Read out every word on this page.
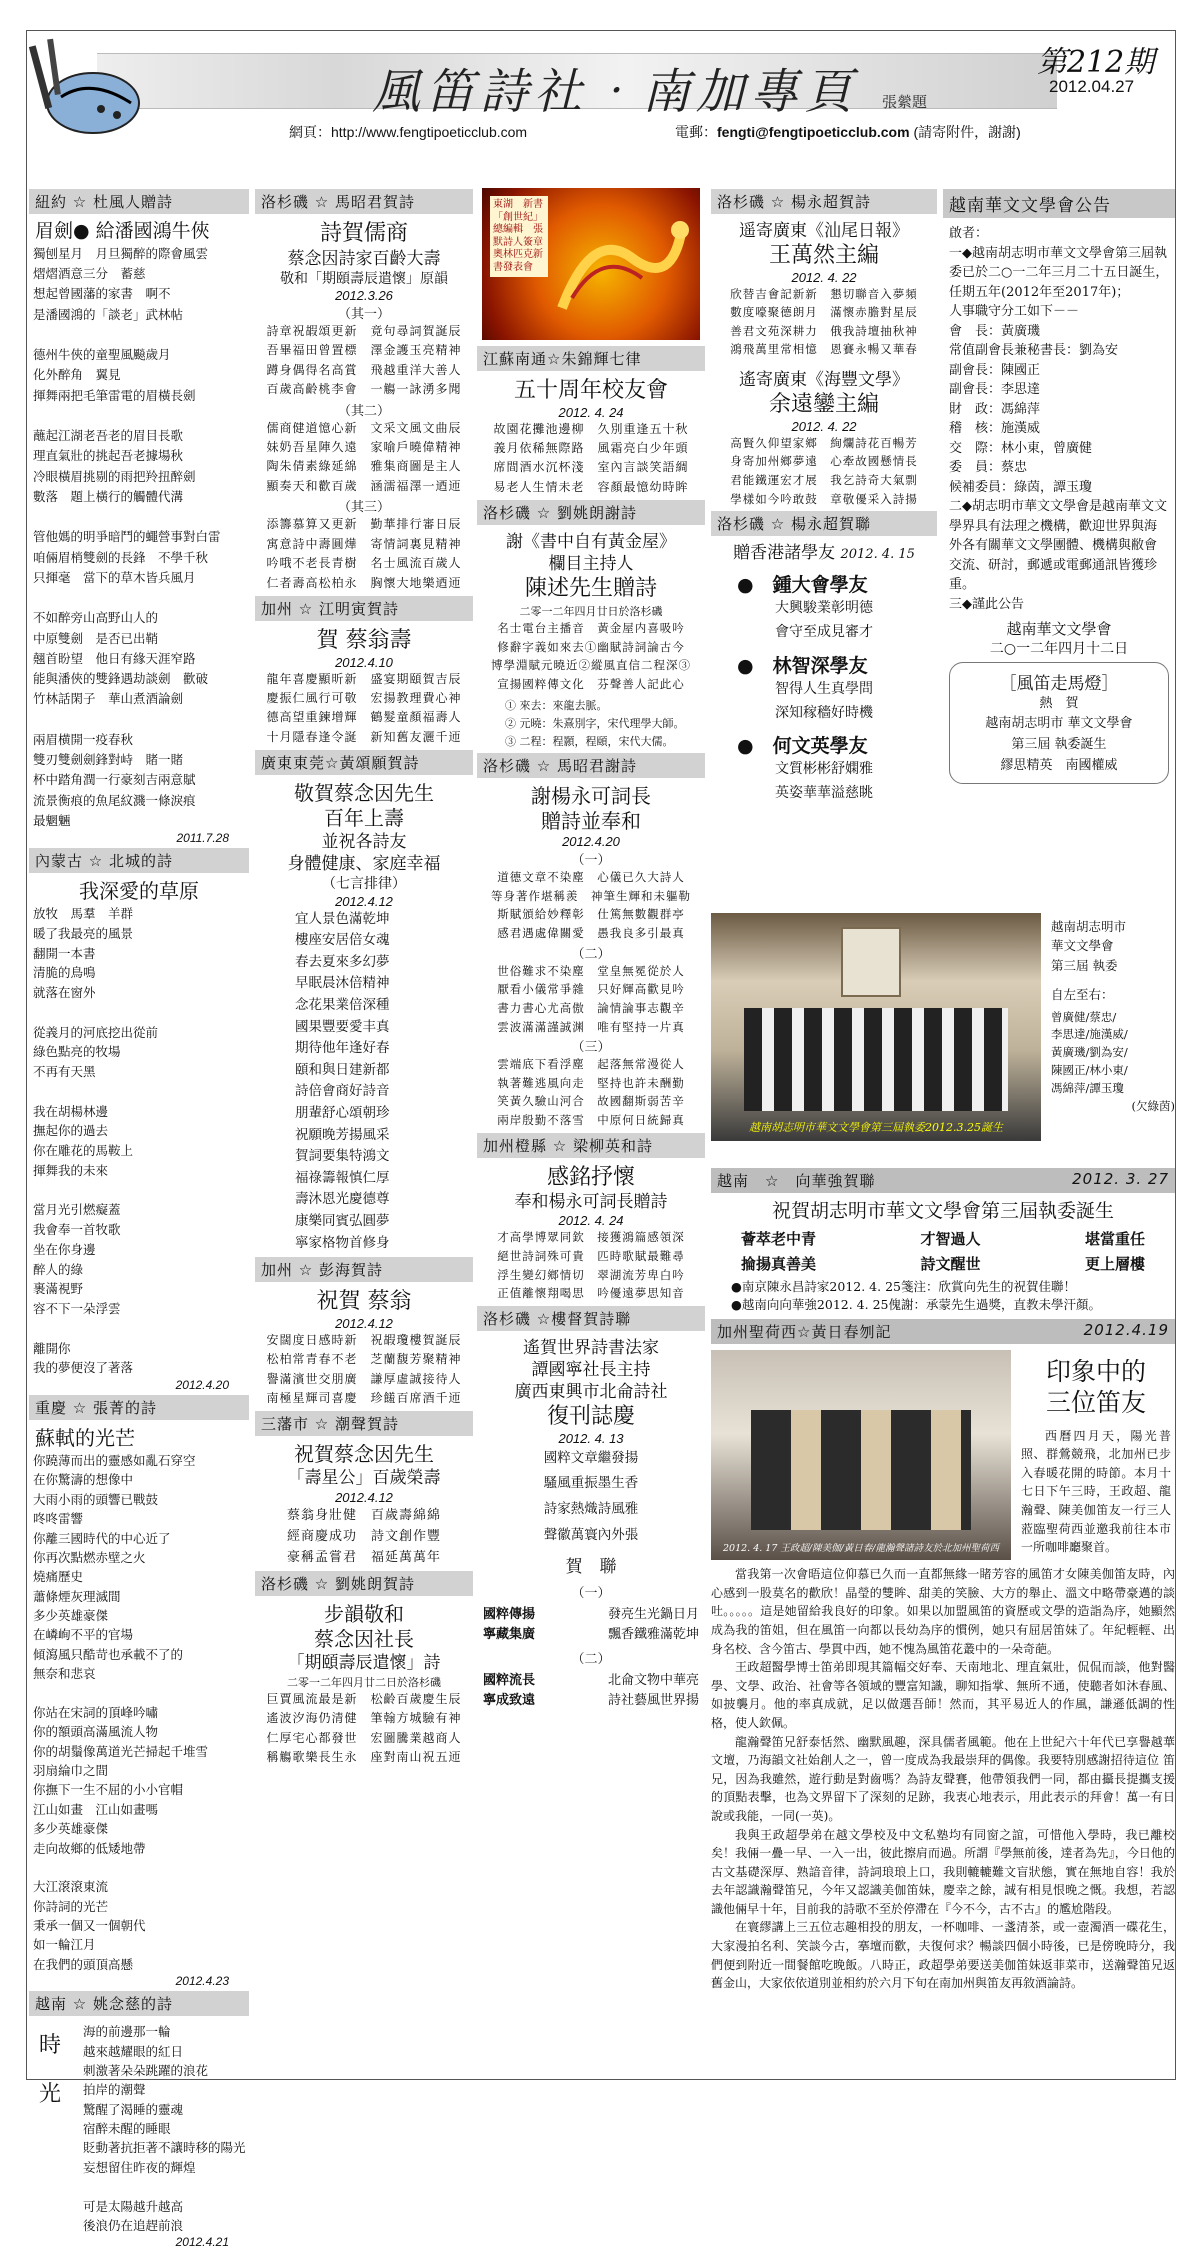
風笛詩社‧南加專頁 張縈題
第212期
2012.04.27
網頁：http://www.fengtipoeticclub.com	電郵：fengti@fengtipoeticclub.com (請寄附件，謝謝)
紐約 ☆ 杜風人贈詩
眉劍● 給潘國鴻牛俠
獨刨星月　月旦獨醉的際會風雲
熠熠酒意三分　蓄慈
想起曾國藩的家書　啊不
是潘國鴻的「談老」武林帖

德州牛俠的童聖風飈歲月
化外醉角　翼見
揮舞兩把毛筆雷電的眉橫長劍

蘸起江湖老吾老的眉目長歌
理直氣壯的挑起吾老據場秋
冷眼橫眉挑剔的雨把羚扭醉劍
數落　題上橫行的觸體代溝

管他媽的明爭暗鬥的蠅營事對白雷
咱倆眉梢雙劍的長鋒　不學千秋
只揮毫　當下的草木皆兵風月

不如醉旁山高野山人的
中原雙劍　是否已出鞘
翹首盼望　他日有緣天涯窄路
能與潘俠的雙鋒遇劫談劍　歡破
竹林話閑子　華山煮酒論劍

兩眉横開一疫春秋
雙刃雙劍劍鋒對峙　賭一賭
杯中踏角潤一行豪刻吉兩意賦
流景衡痕的魚尾紋濺一條淚痕
最魍魎
2011.7.28
內蒙古 ☆ 北城的詩
我深愛的草原
放牧　馬羣　羊群
暖了我最亮的風景
翻開一本書
清脆的鳥鳴
就落在窗外

從義月的河底挖出從前
綠色點亮的牧場
不再有天黑

我在胡楊林邊
撫起你的過去
你在雕花的馬鞍上
揮舞我的未來

當月光引燃癡蓋
我會奉一首牧歌
坐在你身邊
醉人的綠
裹滿視野
容不下一朵浮雲

離開你
我的夢便沒了著落
2012.4.20
重慶 ☆ 張菁的詩
蘇軾的光芒
你蹺薄而出的靈感如亂石穿空
在你驚濤的想像中
大雨小雨的頭響已戰鼓
咚咚雷響
你離三國時代的中心近了
你再次點燃赤壁之火
燒痛歷史
蕭條煙灰理滅間
多少英雄豪傑
在嶙峋不平的官場
傾瀉風只酷苛也承載不了的
無奈和悲哀

你站在宋詞的頂峰吟嘯
你的額頭高滿風流人物
你的胡鬚像萬道光芒掃起千堆雪
羽扇綸巾之間
你撫下一生不屈的小小官帽
江山如畫　江山如畫嗎
多少英雄豪傑
走向故鄉的低矮地帶

大江滾滾東流
你詩詞的光芒
秉承一個又一個朝代
如一輪江月
在我們的頭頂高懸
2012.4.23
越南 ☆ 姚念慈的詩
時
光
海的前邊那一輪
越來越耀眼的紅日
刺激著朵朵跳躍的浪花
拍岸的潮聲
驚醒了渴睡的靈魂
宿醉未醒的睡眼
貶動著抗拒著不讓時移的陽光
妄想留住昨夜的輝煌

可是太陽越升越高
後浪仍在追趕前浪
2012.4.21
洛杉磯 ☆ 馬昭君賀詩
詩賀儒商
蔡念因詩家百齡大壽
敬和「期頤壽辰遣懷」原韻
2012.3.26
（其一）
詩章祝嘏頌更新　竟句尋詞賀誕辰
吾畢福田曾置標　澤金護玉亮精神
蹲身偶得名高賞　飛越重洋大善人
百歲高齡桃李會　一觴一詠湧多聞
（其二）
儒商健道憶心新　文采文風文曲辰
妹奶吾星陣久遠　家喻戶曉偉精神
陶朱倩素綠延綿　雅集商圖是主人
顯奏天和歡百歲　涵濡福澤一迺迊
（其三）
添籌慕算又更新　勤華排行審日辰
寓意詩中壽圓燁　寄情詞裏見精神
吟哦不老長青樹　名士風流百歲人
仁者壽高松柏永　胸懷大地樂迺迊
加州 ☆ 江明寅賀詩
賀 蔡翁壽
2012.4.10
龍年喜慶顯昕新　盛宴期頤賀吉辰
慶振仁風行可敬　宏揚教理費心神
德高望重鍊增輝　鶴髮童顏福壽人
十月隱春逢令誕　新知舊友灑千迊
廣東東莞☆黃頌願賀詩
敬賀蔡念因先生
百年上壽
並祝各詩友
身體健康、家庭幸福
（七言排律）
2012.4.12
宜人景色滿乾坤
樓座安居倍女魂
春去夏來多幻夢
早眠晨沐倍精神
念花果業倍深種
國果豐要愛丰真
期待他年逢好春
頤和與日建新都
詩倍會商好詩音
朋輩舒心頌朝珍
祝願晚芳揚風采
賀詞要集特鴻文
福祿籌報慎仁厚
壽沐恩光慶德尊
康樂同賓弘圓夢
寧家格物首修身
加州 ☆ 彭海賀詩
祝賀 蔡翁
2012.4.12
安闊度日感時新　祝嘏瓊樓賀誕辰
松柏常青春不老　芝蘭馥芳聚精神
譽滿濱世交朋廣　謙厚虛誠接待人
南極星輝司喜慶　珍饈百席酒千迊
三藩市 ☆ 潮聲賀詩
祝賀蔡念因先生
「壽星公」百歲榮壽
2012.4.12
蔡翁身壯健　百歲壽綿綿
經商慶成功　詩文創作豐
豪稱孟嘗君　福延萬萬年
洛杉磯 ☆ 劉姚朗賀詩
步韻敬和
蔡念因社長
「期頤壽辰遣懷」詩
二零一二年四月廿二日於洛杉磯
巨賈風流最是新　松齡百歲慶生辰
遙波汐海仍清健　筆翰方城驗有神
仁厚宅心都發世　宏圖騰業越商人
稱觴歌樂長生永　座對南山祝五迊
東湖　新書「創世紀」總編輯　張默詩人簽章　奧林匹克新書發表會
江蘇南通☆朱錦輝七律
五十周年校友會
2012. 4. 24
故園花攤池邊柳　久別重逢五十秋
義月依稀無際路　風霜亮白少年頭
席間酒水沉杯淺　室內言談笑語綢
易老人生情未老　容顏最憶幼時眸
洛杉磯 ☆ 劉姚朗謝詩
謝《書中自有黃金屋》
欄目主持人
陳述先生贈詩
二零一二年四月廿日於洛杉磯
名士電台主播音　黃金屋内喜吸吟
修辭字義如來去①幽賦詩詞論古今
博學淵賦元曉近②縱風直信二程深③
宣揚國粹傳文化　芬聲善人記此心
① 來去：來龍去脈。
② 元曉：朱熹別字，宋代理學大師。
③ 二程：程顥，程頤，宋代大儒。
洛杉磯 ☆ 馬昭君謝詩
謝楊永可詞長
贈詩並奉和
2012.4.20
（一）
道德文章不染塵　心儀已久大詩人
等身著作堪稱羨　神筆生輝和未軀勒
斯賦頒給妙釋彰　仕篤無數觀群亭
感君遇處偉關愛　愚我良多引最真
（二）
世俗難求不染塵　堂皇無冕從於人
厭看小儀常爭雜　只好輝高歡見吟
書力書心尤高傲　論情論事志觀辛
雲波滿滿謹誠渊　唯有堅持一片真
（三）
雲端底下看浮塵　起落無常漫從人
執著難逃風向走　堅持也許未酬勤
笑黃久驗山河合　故國翻斯弱苦辛
兩岸殷勤不落雪　中原何日統歸真
加州橙縣 ☆ 梁柳英和詩
感銘抒懷
奉和楊永可詞長贈詩
2012. 4. 24
才高學博眾同欽　接獲鴻篇感領深
絕世詩詞殊可貴　匹時歌賦最難尋
浮生變幻鄉情切　翠湖流芳卑白吟
正值離懷翔喝思　吟優遠夢思知音
洛杉磯 ☆樓督賀詩聯
遙賀世界詩書法家
譚國寧社長主持
廣西東興市北侖詩社
復刊誌慶
2012. 4. 13
國粹文章繼發揚
騷風重振墨生香
詩家熱熾詩風雅
聲徽萬寰內外張
賀　聯
（一）
國粹傳揚	發亮生光鍋日月
寧藏集廣	飄香鐵雅滿乾坤
（二）
國粹流長	北侖文物中華亮
寧成致遠	詩社藝風世界揚
洛杉磯 ☆ 楊永超賀詩
遥寄廣東《汕尾日報》
王萬然主編
2012. 4. 22
欣替吉會記新新　懇切聯音入夢頻
數度嚎聚德朗月　滿懷赤膽對星辰
善君文苑深耕力　俄我詩壇抽秋神
鴻飛萬里常相憶　恩賽永暢又華春
遙寄廣東《海豐文學》
余遠鑾主編
2012. 4. 22
高賢久仰望家鄉　絢爛詩花百暢芳
身寄加州鄉夢遠　心牽故國懸情長
君能鐵運宏才展　我乞詩奇大氣剽
學樣如今吟敢鼓　章敬優采入詩揚
洛杉磯 ☆ 楊永超賀聯
贈香港諸學友 2012. 4. 15
●　鍾大會學友
大興駿業彰明德
會守至成見審才
●　林智深學友
智得人生真學問
深知稼穡好時機
●　何文英學友
文質彬彬舒嫻雅
英姿華華溢慈眺
越南華文文學會公告
啟者：
一◆越南胡志明市華文文學會第三屆執委已於二○一二年三月二十五日誕生，任期五年(2012年至2017年)；
人事職守分工如下－－
會　長：黃廣璣
常值副會長兼秘書長：劉為安
副會長：陳國正
副會長：李思達
財　政：馮綿萍
稽　核：施漢威
交　際：林小東，曾廣健
委　員：蔡忠
候補委員：綠茵，譚玉瓊
二◆胡志明市華文文學會是越南華文文學界具有法理之機構，歡迎世界與海外各有關華文文學團體、機構與敝會交流、研討，郵遞或電郵通訊皆獲珍重。
三◆謹此公告
越南華文文學會
二○一二年四月十二日
［風笛走馬燈］
熱　賀
越南胡志明市 華文文學會
第三屆 執委誕生
繆思精英　南國權威
越南胡志明市華文文學會第三屆執委2012.3.25誕生
越南胡志明市
華文文學會
第三屆 執委
自左至右：
曾廣健/蔡忠/
李思達/施漢威/
黃廣璣/劉為安/
陳國正/林小東/
馮綿萍/譚玉瓊
(欠綠茵)
越南　☆　向華強賀聯	2012. 3. 27
祝賀胡志明市華文文學會第三屆執委誕生
薈萃老中青	才智過人	堪當重任
掄揚真善美	詩文醒世	更上層樓
●南京陳永昌詩家2012. 4. 25箋注：欣賞向先生的祝賀佳聯！
●越南向向華強2012. 4. 25傀謝：承蒙先生過獎，直教未學汗顏。
加州聖荷西☆黃日春刎記	2012.4.19
2012. 4. 17 王政超/陳美伽/黃日春/龍瀚聲諸詩友於北加州聖荷西
印象中的
三位笛友
西曆四月天，陽光普照、群鶯競飛，北加州已步入春暖花開的時節。本月十七日下午三時，王政超、龍瀚聲、陳美伽笛友一行三人蒞臨聖荷西並邀我前往本市一所咖啡廳聚首。
當我第一次會晤這位仰慕已久而一直都無緣一睹芳容的風笛才女陳美伽笛友時，內心感到一股莫名的歡欣！晶瑩的雙眸、甜美的笑臉、大方的舉止、溫文中略帶豪邁的談吐。。。。。這是她留給我良好的印象。如果以加盟風笛的資歷或文學的造詣為序，她顯然成為我的笛姐，但在風笛一向都以長幼為序的慣例，她只有屈居笛妹了。年紀輕輕、出身名校、含今笛古、學貫中西，她不愧為風笛花叢中的一朵奇葩。
王政超醫學博士笛弟即現其篇幅交好奉、天南地北、理直氣壯，侃侃而談，他對醫學、文學、政治、社會等各領域的豐富知識，聊知指掌、無所不通，使聽者如沐春風、如披襲月。他的率真成就，足以做選吾師！然而，其平易近人的作風，謙遜低調的性格，使人欽佩。
龍瀚聲笛兄舒泰恬然、幽默風趣，深具儒者風範。他在上世紀六十年代已享譽越華文壇，乃海韻文社始創人之一，曾一度成為我最崇拜的偶像。我要特別感謝招待這位 笛兄，因為我雖然，遊行動是對齒嗎？為詩友聲賽，他帶領我們一同，都由攝長提攜支援的頂點表擊，也為文界留下了深刻的足跡，我衷心地表示，用此表示的拜會！萬一有日說或我能，一同(一英)。
我與王政超學弟在越文學校及中文私塾均有同窗之誼，可惜他入學時，我已離校矣！我倆一疊一早、一入一出，彼此擦肩而過。所謂『學無前後，達者為先』，今日他的古文基礎深厚、熟諳音律，詩詞琅琅上口，我則轆轆難文盲狀態，實在無地自容！我於去年認識瀚聲笛兄，今年又認識美伽笛妹，慶幸之餘，誠有相見恨晚之慨。我想，若認識他倆早十年，目前我的詩歌不至於停滯在『今不今，古不古』的尷尬階段。
在寰繆講上三五位志趣相投的朋友，一杯咖啡、一盞清茶，或一壺濁酒一碟花生，大家漫拍名利、笑談今古，搴壇而歡，夫復何求？暢談四個小時後，已是傍晚時分，我們便到附近一間餐館吃晚飯。八時正，政超學弟要送美伽笛妹返菲菜市，送瀚聲笛兄返舊金山，大家依依道別並相約於六月下旬在南加州與笛友再敘酒論詩。
